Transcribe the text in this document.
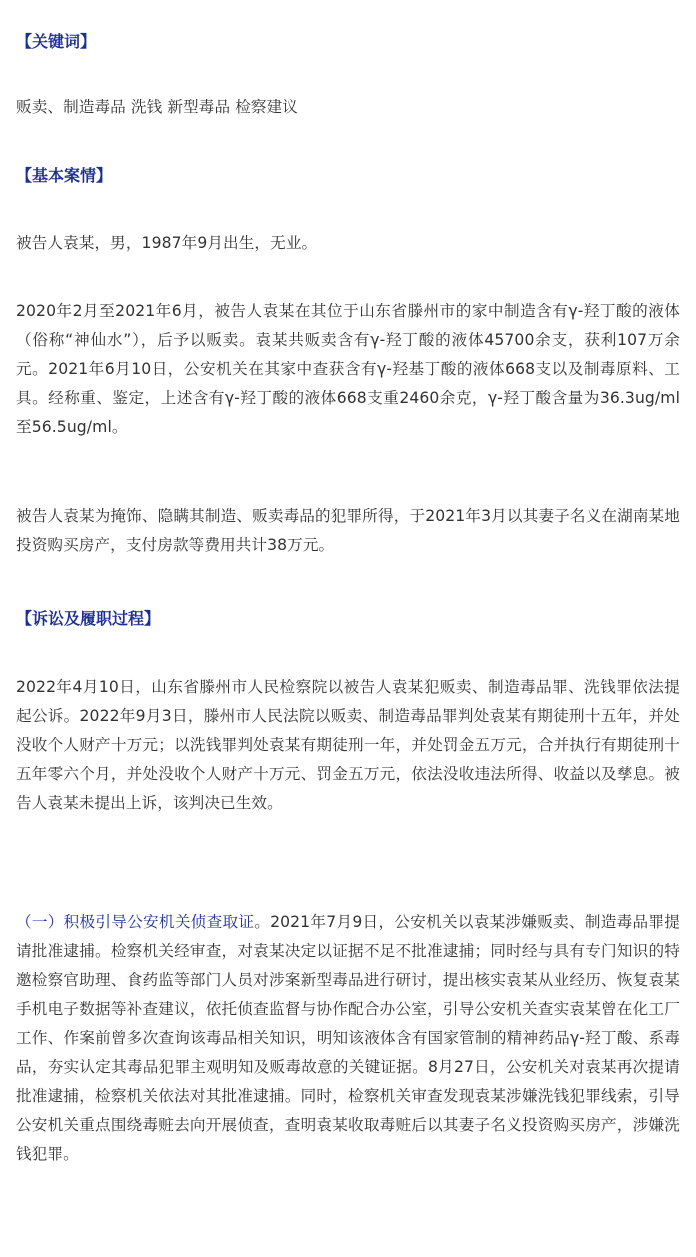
【关键词】
贩卖、制造毒品 洗钱 新型毒品 检察建议
【基本案情】
被告人袁某，男，1987年9月出生，无业。
2020年2月至2021年6月，被告人袁某在其位于山东省滕州市的家中制造含有γ-羟丁酸的液体（俗称“神仙水”），后予以贩卖。袁某共贩卖含有γ-羟丁酸的液体45700余支，获利107万余元。2021年6月10日，公安机关在其家中查获含有γ-羟基丁酸的液体668支以及制毒原料、工具。经称重、鉴定，上述含有γ-羟丁酸的液体668支重2460余克，γ-羟丁酸含量为36.3ug/ml至56.5ug/ml。
被告人袁某为掩饰、隐瞒其制造、贩卖毒品的犯罪所得，于2021年3月以其妻子名义在湖南某地投资购买房产，支付房款等费用共计38万元。
【诉讼及履职过程】
2022年4月10日，山东省滕州市人民检察院以被告人袁某犯贩卖、制造毒品罪、洗钱罪依法提起公诉。2022年9月3日，滕州市人民法院以贩卖、制造毒品罪判处袁某有期徒刑十五年，并处没收个人财产十万元；以洗钱罪判处袁某有期徒刑一年，并处罚金五万元，合并执行有期徒刑十五年零六个月，并处没收个人财产十万元、罚金五万元，依法没收违法所得、收益以及孳息。被告人袁某未提出上诉，该判决已生效。
（一）积极引导公安机关侦查取证。2021年7月9日，公安机关以袁某涉嫌贩卖、制造毒品罪提请批准逮捕。检察机关经审查，对袁某决定以证据不足不批准逮捕；同时经与具有专门知识的特邀检察官助理、食药监等部门人员对涉案新型毒品进行研讨，提出核实袁某从业经历、恢复袁某手机电子数据等补查建议，依托侦查监督与协作配合办公室，引导公安机关查实袁某曾在化工厂工作、作案前曾多次查询该毒品相关知识，明知该液体含有国家管制的精神药品γ-羟丁酸、系毒品，夯实认定其毒品犯罪主观明知及贩毒故意的关键证据。8月27日，公安机关对袁某再次提请批准逮捕，检察机关依法对其批准逮捕。同时，检察机关审查发现袁某涉嫌洗钱犯罪线索，引导公安机关重点围绕毒赃去向开展侦查，查明袁某收取毒赃后以其妻子名义投资购买房产，涉嫌洗钱犯罪。
